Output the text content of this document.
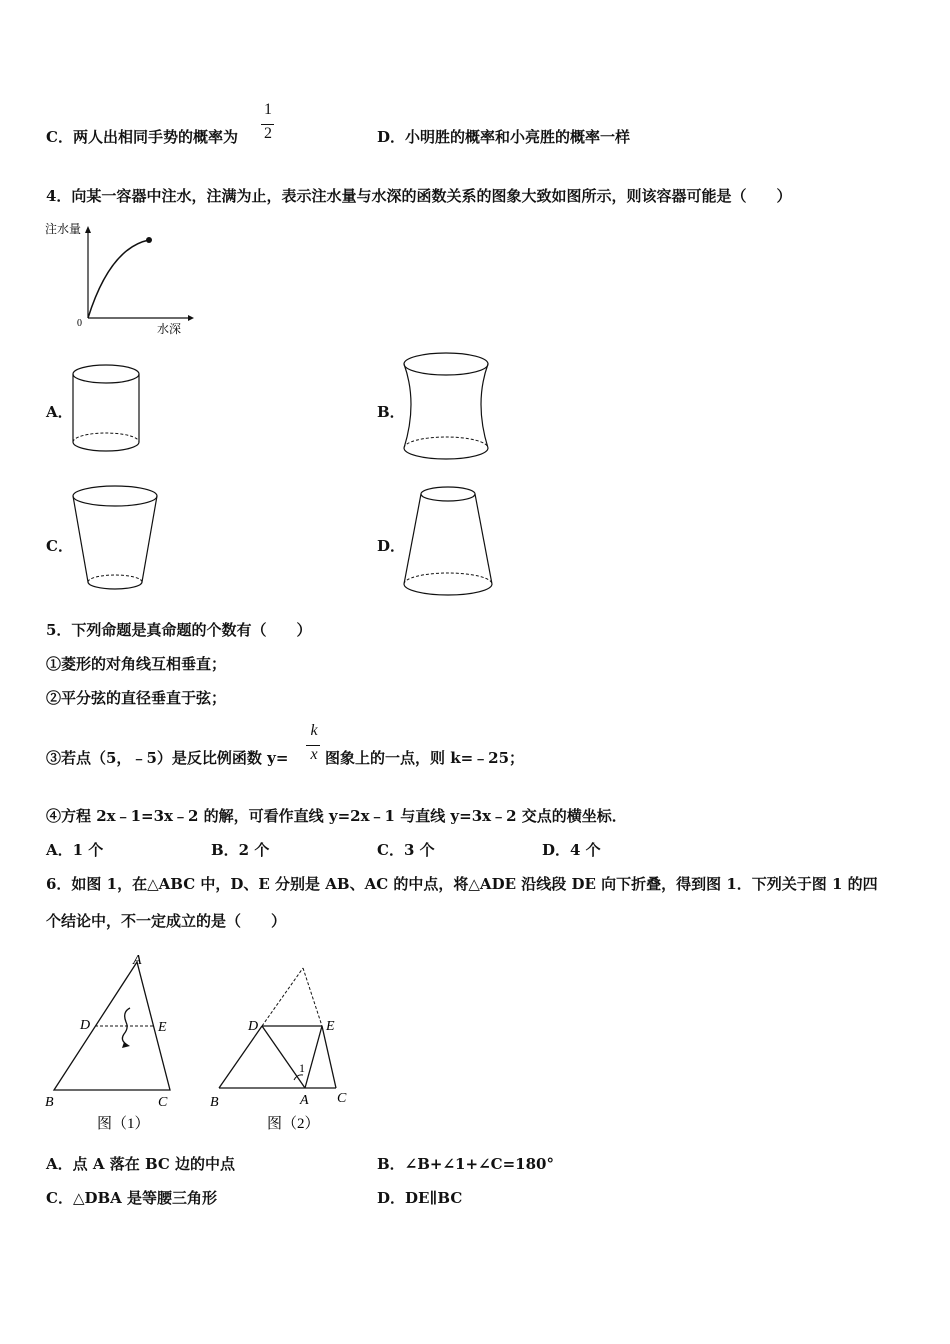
C．两人出相同手势的概率为
1
2	D．小明胜的概率和小亮胜的概率一样
4．向某一容器中注水，注满为止，表示注水量与水深的函数关系的图象大致如图所示，则该容器可能是（　　）
注水量
水深
0
A．	B．
C．	D．
5．下列命题是真命题的个数有（　　）
①菱形的对角线互相垂直；
②平分弦的直径垂直于弦；
③若点（5，﹣5）是反比例函数 y=
k
x 图象上的一点，则 k=﹣25；
④方程 2x﹣1=3x﹣2 的解，可看作直线 y=2x﹣1 与直线 y=3x﹣2 交点的横坐标．
A．1 个	B．2 个	C．3 个	D．4 个
6．如图 1，在△ABC 中，D、E 分别是 AB、AC 的中点，将△ADE 沿线段 DE 向下折叠，得到图 1．下列关于图 1 的四
个结论中，不一定成立的是（　　）
A
D	E
B	C
图（1）
1
D	E
B	A C
图（2）
A．点 A 落在 BC 边的中点	B．∠B+∠1+∠C=180°
C．△DBA 是等腰三角形	D．DE∥BC
